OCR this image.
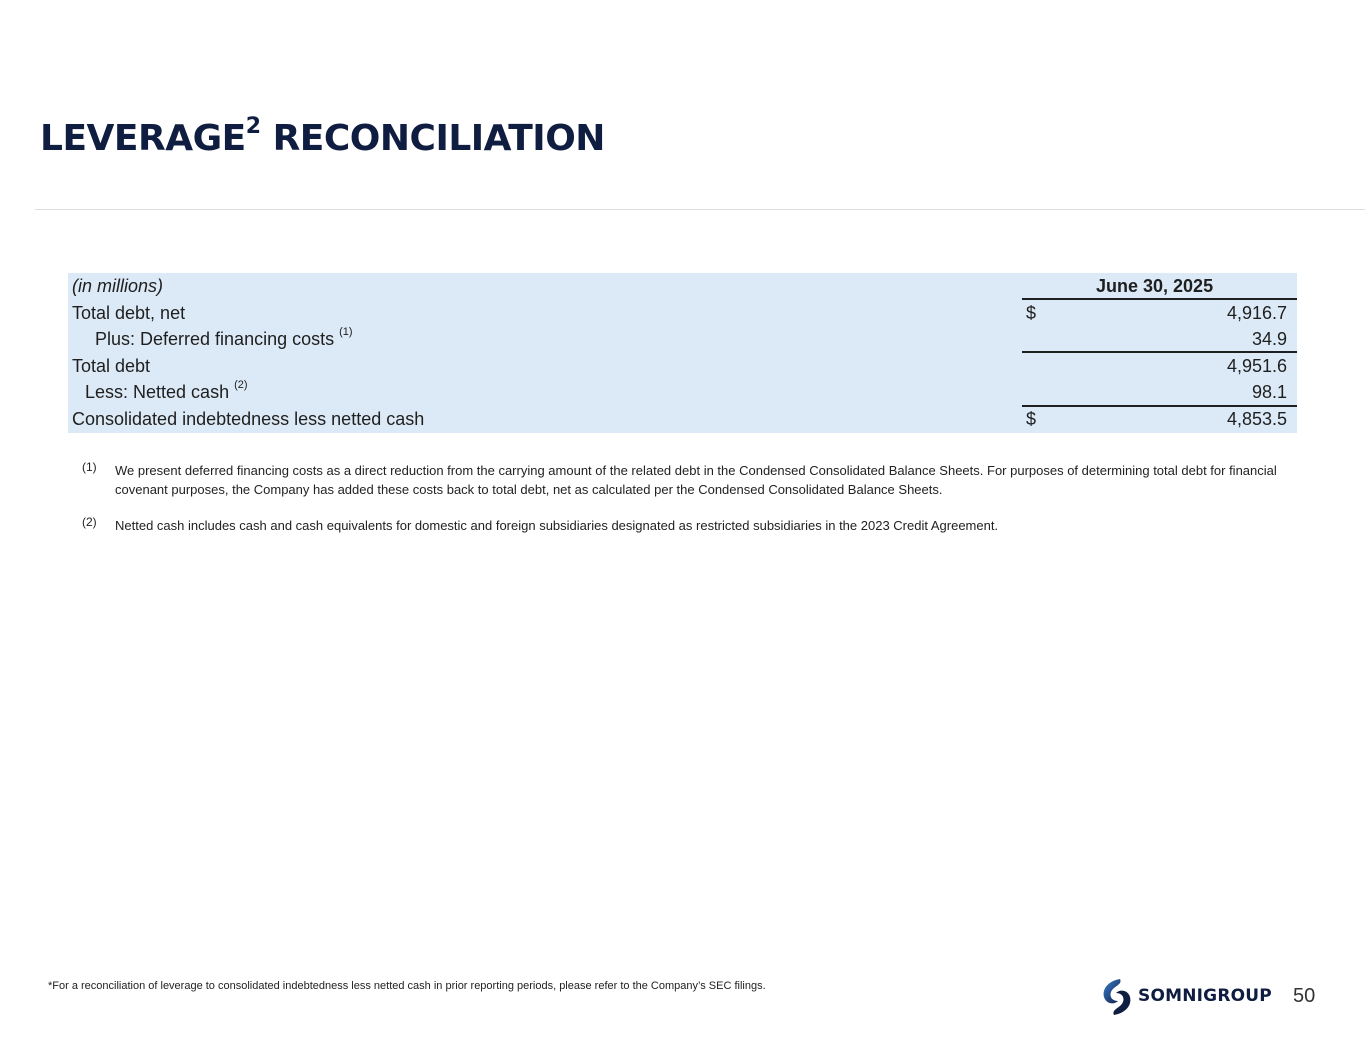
LEVERAGE$^2$ RECONCILIATION
(in millions)	June 30, 2025
Total debt, net	$	4,916.7
Plus: Deferred financing costs $^{(1)}$	34.9
Total debt	4,951.6
Less: Netted cash $^{(2)}$	98.1
Consolidated indebtedness less netted cash	$	4,853.5
(1) We present deferred financing costs as a direct reduction from the carrying amount of the related debt in the Condensed Consolidated Balance Sheets. For purposes of determining total debt for financial covenant purposes, the Company has added these costs back to total debt, net as calculated per the Condensed Consolidated Balance Sheets.
(2) Netted cash includes cash and cash equivalents for domestic and foreign subsidiaries designated as restricted subsidiaries in the 2023 Credit Agreement.
*For a reconciliation of leverage to consolidated indebtedness less netted cash in prior reporting periods, please refer to the Company’s SEC filings.	SOMNIGROUP 50
